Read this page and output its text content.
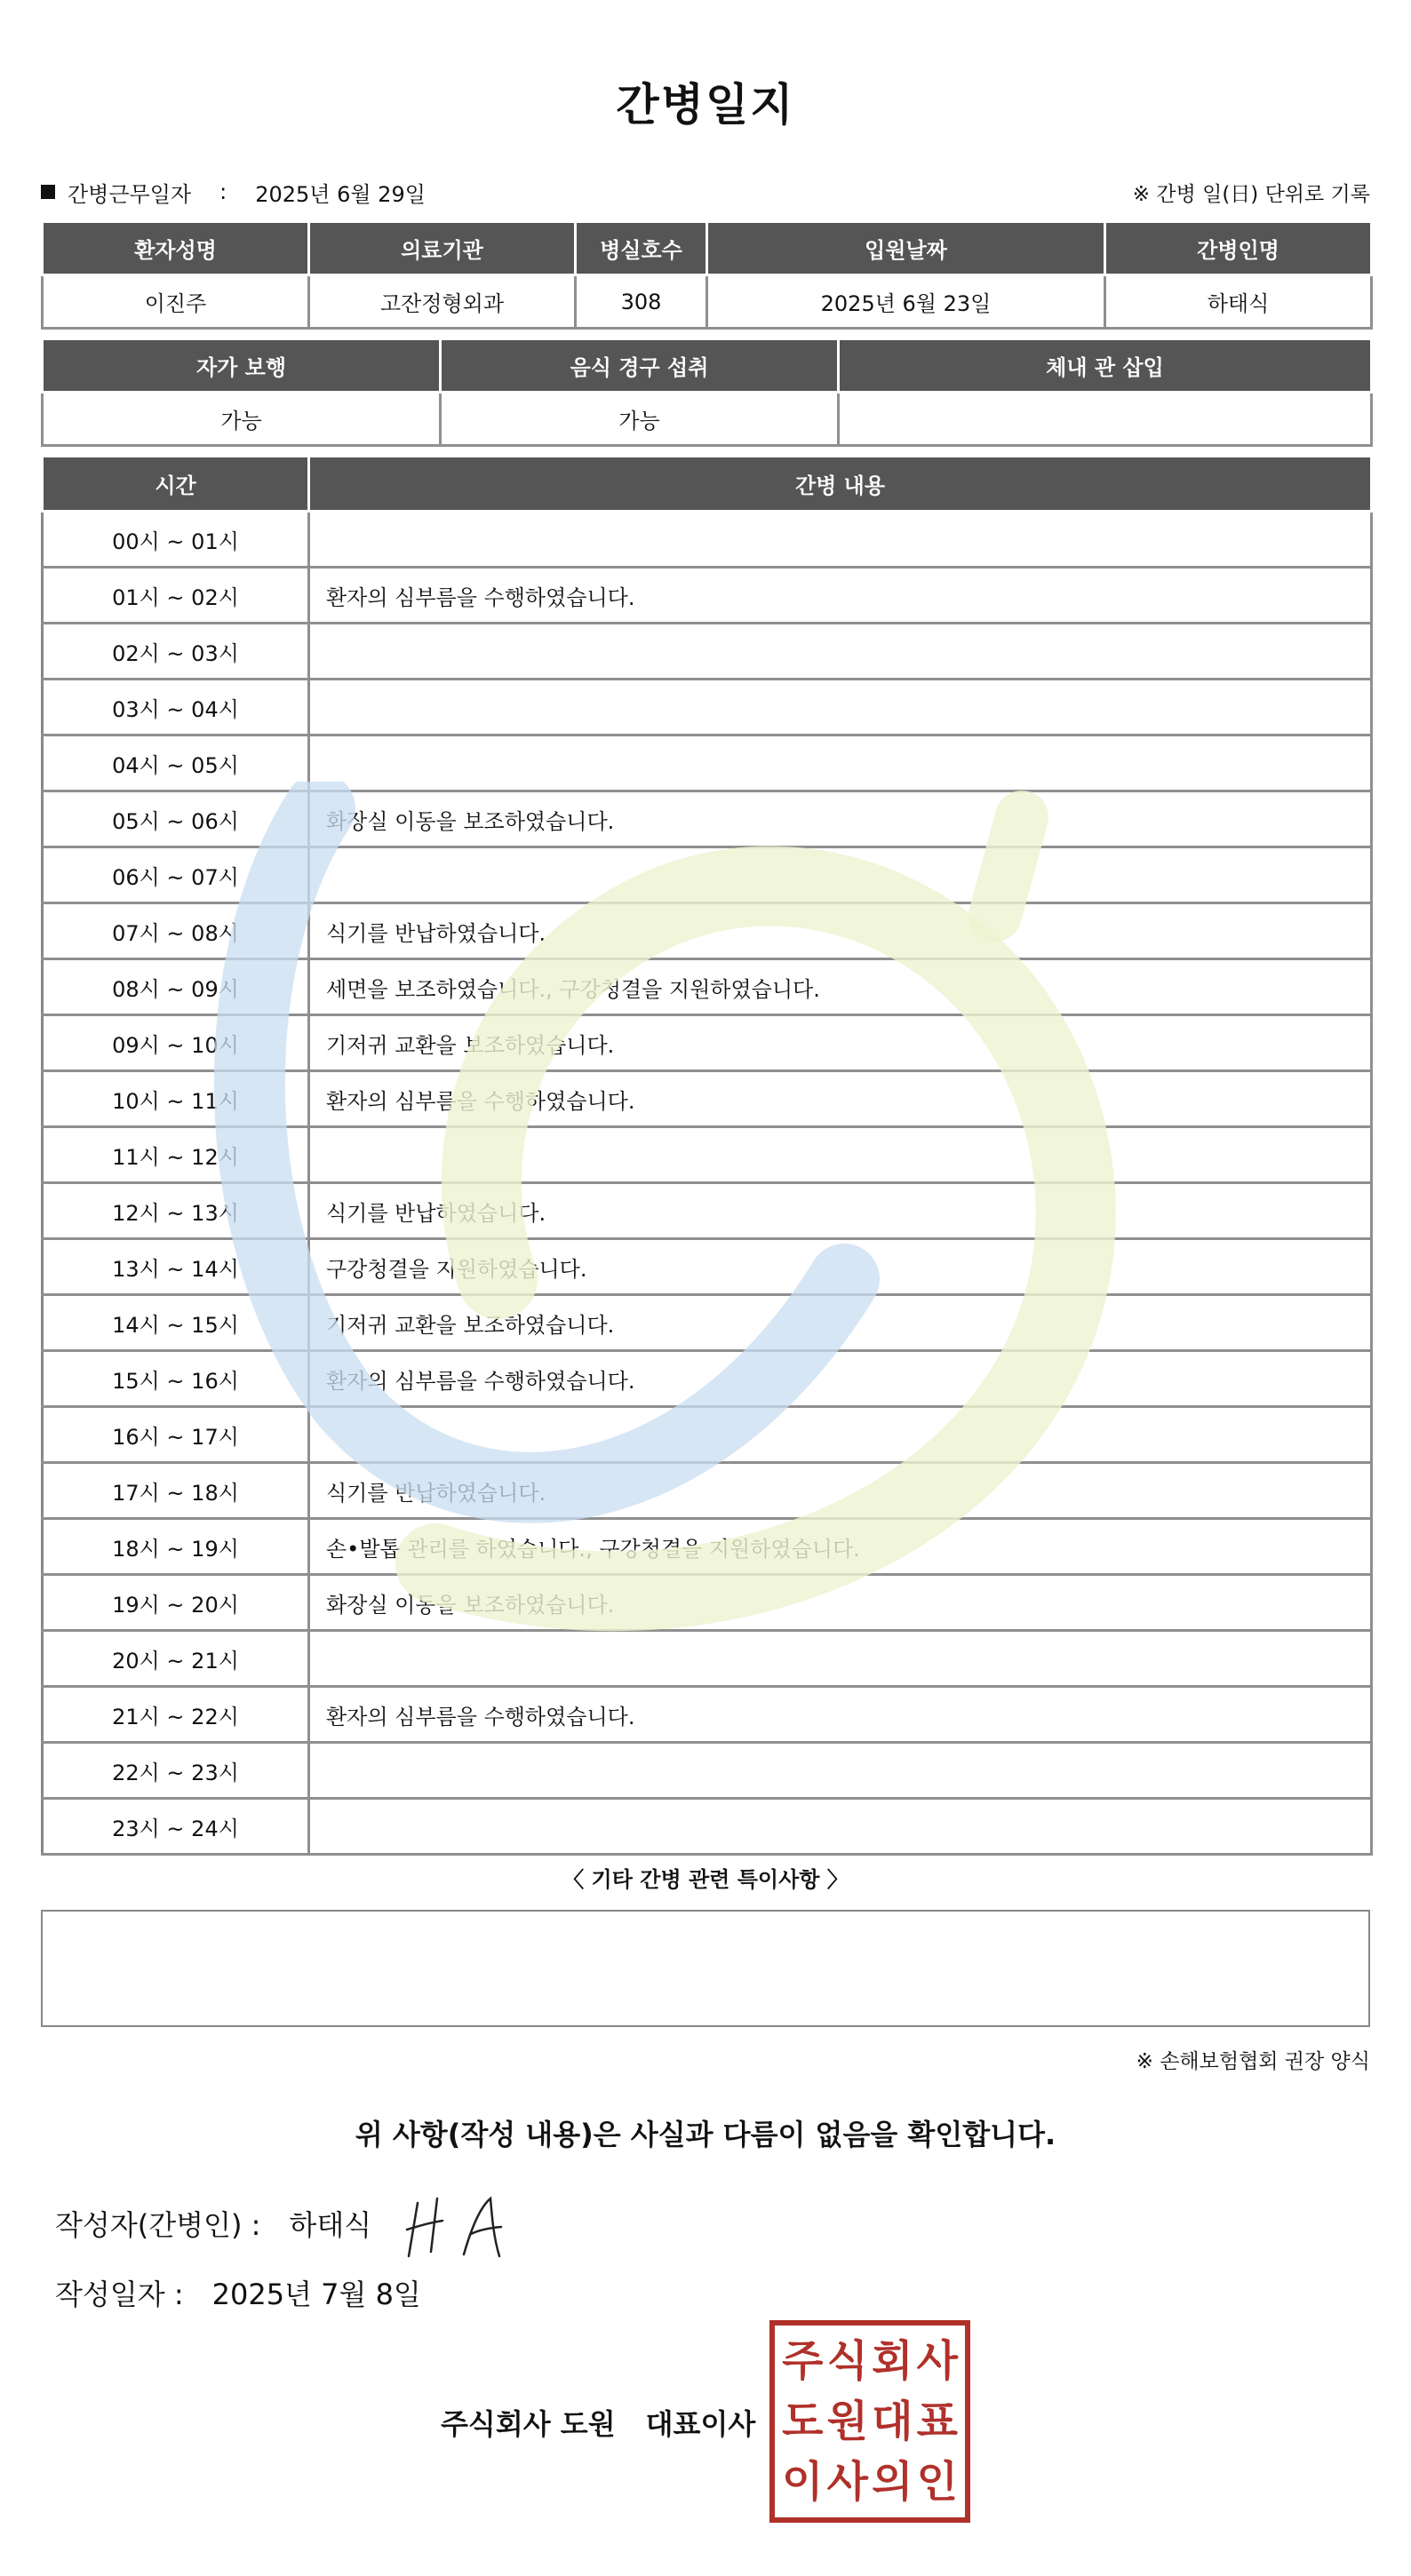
간병일지
간병근무일자 : 2025년 6월 29일	※ 간병 일(日) 단위로 기록
환자성명	의료기관	병실호수	입원날짜	간병인명
이진주	고잔정형외과	308	2025년 6월 23일	하태식
자가 보행	음식 경구 섭취	체내 관 삽입
가능	가능	
시간	간병 내용
00시 ~ 01시	
01시 ~ 02시	환자의 심부름을 수행하였습니다.
02시 ~ 03시	
03시 ~ 04시	
04시 ~ 05시	
05시 ~ 06시	화장실 이동을 보조하였습니다.
06시 ~ 07시	
07시 ~ 08시	식기를 반납하였습니다.
08시 ~ 09시	세면을 보조하였습니다., 구강청결을 지원하였습니다.
09시 ~ 10시	기저귀 교환을 보조하였습니다.
10시 ~ 11시	환자의 심부름을 수행하였습니다.
11시 ~ 12시	
12시 ~ 13시	식기를 반납하였습니다.
13시 ~ 14시	구강청결을 지원하였습니다.
14시 ~ 15시	기저귀 교환을 보조하였습니다.
15시 ~ 16시	환자의 심부름을 수행하였습니다.
16시 ~ 17시	
17시 ~ 18시	식기를 반납하였습니다.
18시 ~ 19시	손•발톱 관리를 하였습니다., 구강청결을 지원하였습니다.
19시 ~ 20시	화장실 이동을 보조하였습니다.
20시 ~ 21시	
21시 ~ 22시	환자의 심부름을 수행하였습니다.
22시 ~ 23시	
23시 ~ 24시	
〈 기타 간병 관련 특이사항 〉
※ 손해보험협회 권장 양식
위 사항(작성 내용)은 사실과 다름이 없음을 확인합니다.
작성자(간병인) : 하태식
작성일자 : 2025년 7월 8일
주식회사 도원 대표이사
주 식 회 사
도 원 대 표
이 사 의 인
